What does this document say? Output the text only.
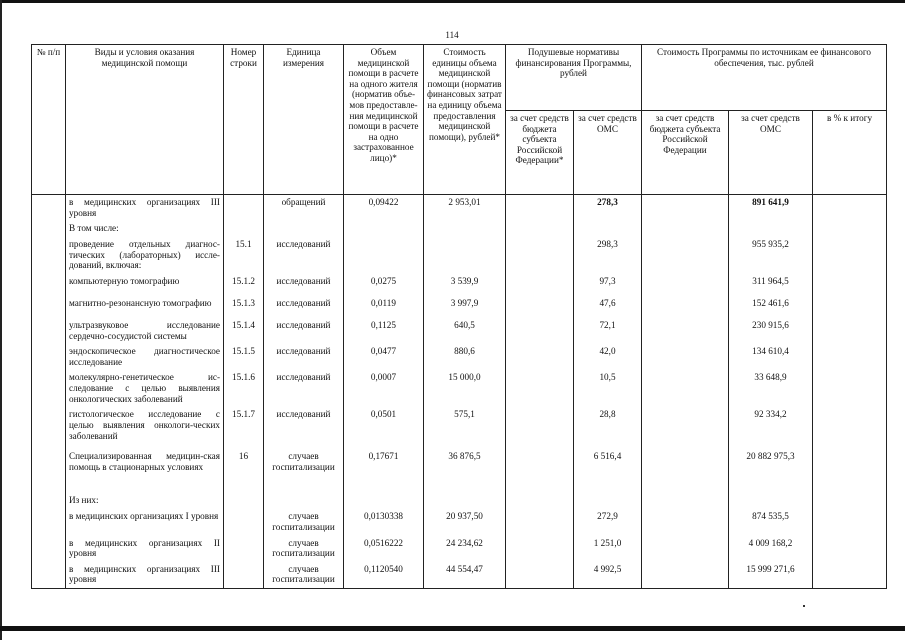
114
№ п/п	Виды и условия оказания медицинской помощи	Номер строки	Единица измерения	Объем медицинской помощи в расчете на одного жителя (норматив объе-мов предоставле-ния медицинской помощи в расчете на одно застрахованное лицо)*	Стоимость единицы объема медицинской помощи (норматив финансовых затрат на единицу объема предоставления медицинской помощи), рублей*	Подушевые нормативы финансирования Программы, рублей		Стоимость Программы по источникам ее финансового обеспечения, тыс. рублей		
						за счет средств бюджета субъекта Российской Федерации*	за счет средств ОМС	за счет средств бюджета субъекта Российской Федерации	за счет средств ОМС	в % к итогу
	в медицинских организациях III уровня		обращений	0,09422	2 953,01		278,3		891 641,9	
	В том числе:									
	проведение отдельных диагнос-тических (лабораторных) иссле-дований, включая:	15.1	исследований				298,3		955 935,2	
	компьютерную томографию	15.1.2	исследований	0,0275	3 539,9		97,3		311 964,5	
	магнитно-резонансную томографию	15.1.3	исследований	0,0119	3 997,9		47,6		152 461,6	
	ультразвуковое исследование сердечно-сосудистой системы	15.1.4	исследований	0,1125	640,5		72,1		230 915,6	
	эндоскопическое диагностическое исследование	15.1.5	исследований	0,0477	880,6		42,0		134 610,4	
	молекулярно-генетическое ис-следование с целью выявления онкологических заболеваний	15.1.6	исследований	0,0007	15 000,0		10,5		33 648,9	
	гистологическое исследование с целью выявления онкологи-ческих заболеваний	15.1.7	исследований	0,0501	575,1		28,8		92 334,2	
	Специализированная медицин-ская помощь в стационарных условиях	16	случаев госпитализации	0,17671	36 876,5		6 516,4		20 882 975,3	
	Из них:									
	в медицинских организациях I уровня		случаев госпитализации	0,0130338	20 937,50		272,9		874 535,5	
	в медицинских организациях II уровня		случаев госпитализации	0,0516222	24 234,62		1 251,0		4 009 168,2	
	в медицинских организациях III уровня		случаев госпитализации	0,1120540	44 554,47		4 992,5		15 999 271,6	
